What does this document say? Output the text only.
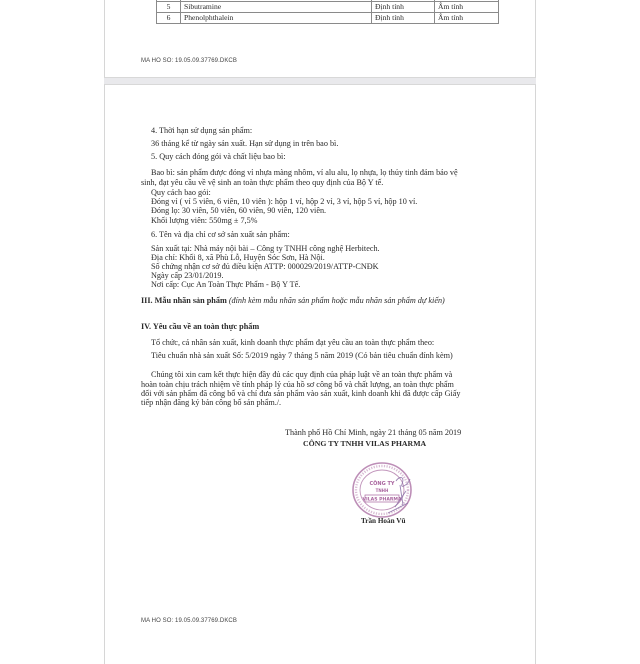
5	Sibutramine	Định tính	Âm tính
6	Phenolphthalein	Định tính	Âm tính
MA HO SO: 19.05.09.37769.DKCB
4. Thời hạn sử dụng sản phẩm:
36 tháng kể từ ngày sản xuất. Hạn sử dụng in trên bao bì.
5. Quy cách đóng gói và chất liệu bao bì:
Bao bì: sản phẩm được đóng vỉ nhựa màng nhôm, vỉ alu alu, lọ nhựa, lọ thủy tinh đảm bảo vệ
sinh, đạt yêu cầu về vệ sinh an toàn thực phẩm theo quy định của Bộ Y tế.
Quy cách bao gói:
Đóng vỉ ( vỉ 5 viên, 6 viên, 10 viên ): hộp 1 vỉ, hộp 2 vỉ, 3 vỉ, hộp 5 vỉ, hộp 10 vỉ.
Đóng lọ: 30 viên, 50 viên, 60 viên, 90 viên, 120 viên.
Khối lượng viên: 550mg ± 7,5%
6. Tên và địa chỉ cơ sở sản xuất sản phẩm:
Sản xuất tại: Nhà máy nội bài – Công ty TNHH công nghệ Herbitech.
Địa chỉ: Khối 8, xã Phù Lỗ, Huyện Sóc Sơn, Hà Nội.
Số chứng nhận cơ sở đủ điều kiện ATTP: 000029/2019/ATTP-CNĐK
Ngày cấp 23/01/2019.
Nơi cấp: Cục An Toàn Thực Phẩm - Bộ Y Tế.
III. Mẫu nhãn sản phẩm (đính kèm mẫu nhãn sản phẩm hoặc mẫu nhãn sản phẩm dự kiến)
IV. Yêu cầu về an toàn thực phẩm
Tổ chức, cá nhân sản xuất, kinh doanh thực phẩm đạt yêu cầu an toàn thực phẩm theo:
Tiêu chuẩn nhà sản xuất Số: 5/2019 ngày 7 tháng 5 năm 2019 (Có bản tiêu chuẩn đính kèm)
Chúng tôi xin cam kết thực hiện đầy đủ các quy định của pháp luật về an toàn thực phẩm và
hoàn toàn chịu trách nhiệm về tính pháp lý của hồ sơ công bố và chất lượng, an toàn thực phẩm
đối với sản phẩm đã công bố và chỉ đưa sản phẩm vào sản xuất, kinh doanh khi đã được cấp Giấy
tiếp nhận đăng ký bản công bố sản phẩm./.
Thành phố Hồ Chí Minh, ngày 21 tháng 05 năm 2019
CÔNG TY TNHH VILAS PHARMA
Trần Hoàn Vũ
MA HO SO: 19.05.09.37769.DKCB
CÔNG TY
TNHH
VILAS PHARMA
